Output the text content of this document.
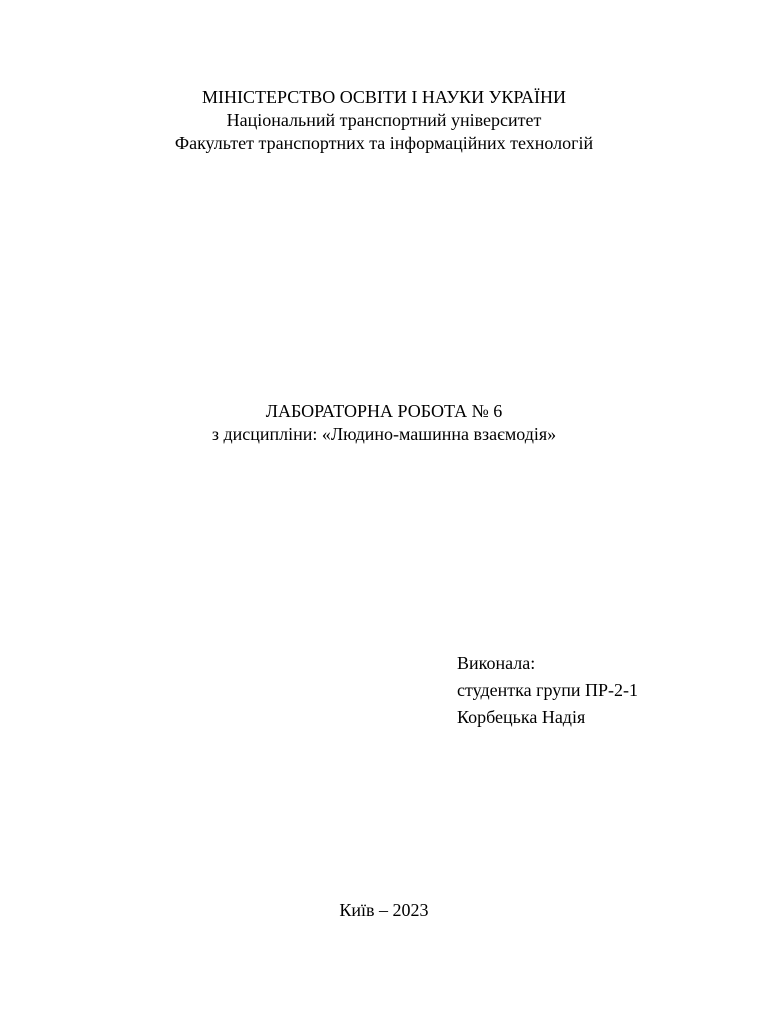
МІНІСТЕРСТВО ОСВІТИ І НАУКИ УКРАЇНИ
Національний транспортний університет
Факультет транспортних та інформаційних технологій
ЛАБОРАТОРНА РОБОТА № 6
з дисципліни: «Людино-машинна взаємодія»
Виконала:
студентка групи ПР-2-1
Корбецька Надія
Київ – 2023
